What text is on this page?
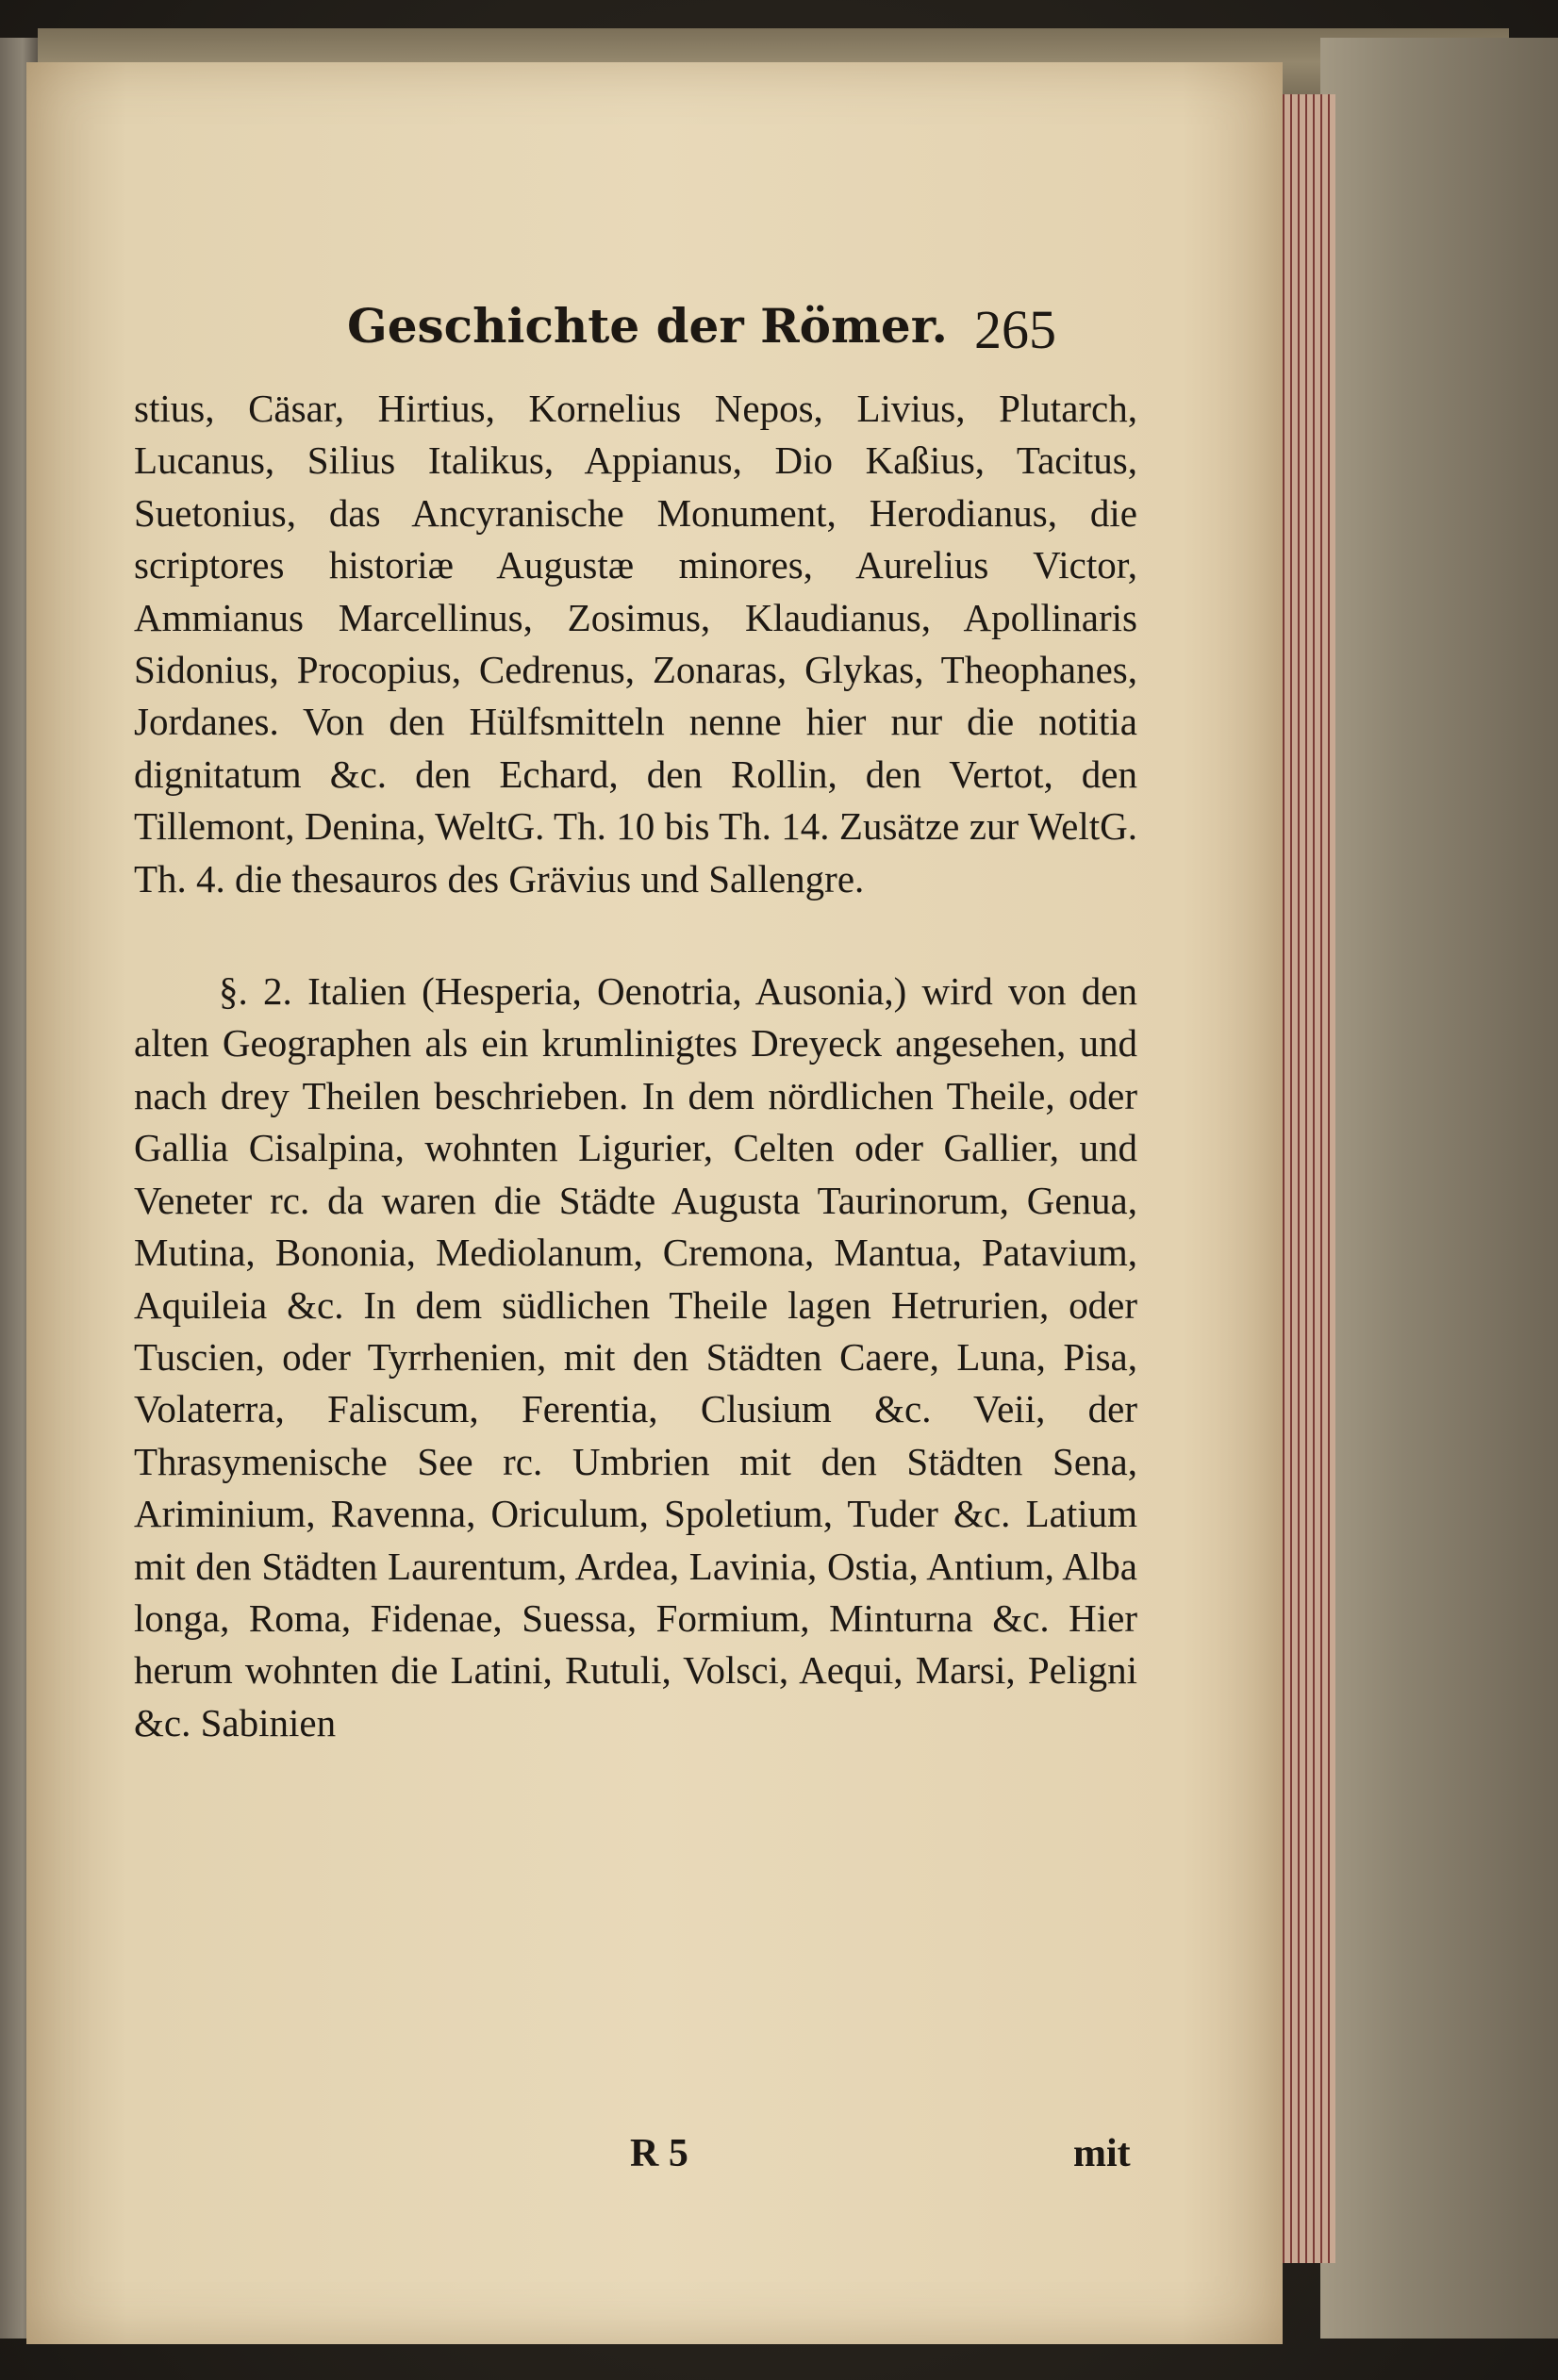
Geschichte der Römer. 265

stius, Cäsar, Hirtius, Kornelius Nepos, Livius, Plutarch, Lucanus, Silius Italikus, Appianus, Dio Kaßius, Tacitus, Suetonius, das Ancyranische Monument, Herodianus, die scriptores historiæ Augustæ minores, Aurelius Victor, Ammianus Marcellinus, Zosimus, Klaudianus, Apollinaris Sidonius, Procopius, Cedrenus, Zonaras, Glykas, Theophanes, Jordanes. Von den Hülfsmitteln nenne hier nur die notitia dignitatum &c. den Echard, den Rollin, den Vertot, den Tillemont, Denina, WeltG. Th. 10 bis Th. 14. Zusätze zur WeltG. Th. 4. die thesauros des Grävius und Sallengre.

§. 2. Italien (Hesperia, Oenotria, Ausonia,) wird von den alten Geographen als ein krumlinigtes Dreyeck angesehen, und nach drey Theilen beschrieben. In dem nördlichen Theile, oder Gallia Cisalpina, wohnten Ligurier, Celten oder Gallier, und Veneter rc. da waren die Städte Augusta Taurinorum, Genua, Mutina, Bononia, Mediolanum, Cremona, Mantua, Patavium, Aquileia &c. In dem südlichen Theile lagen Hetrurien, oder Tuscien, oder Tyrrhenien, mit den Städten Caere, Luna, Pisa, Volaterra, Faliscum, Ferentia, Clusium &c. Veii, der Thrasymenische See rc. Umbrien mit den Städten Sena, Ariminium, Ravenna, Oriculum, Spoletium, Tuder &c. Latium mit den Städten Laurentum, Ardea, Lavinia, Ostia, Antium, Alba longa, Roma, Fidenae, Suessa, Formium, Minturna &c. Hier herum wohnten die Latini, Rutuli, Volsci, Aequi, Marsi, Peligni &c. Sabinien

R 5	mit
